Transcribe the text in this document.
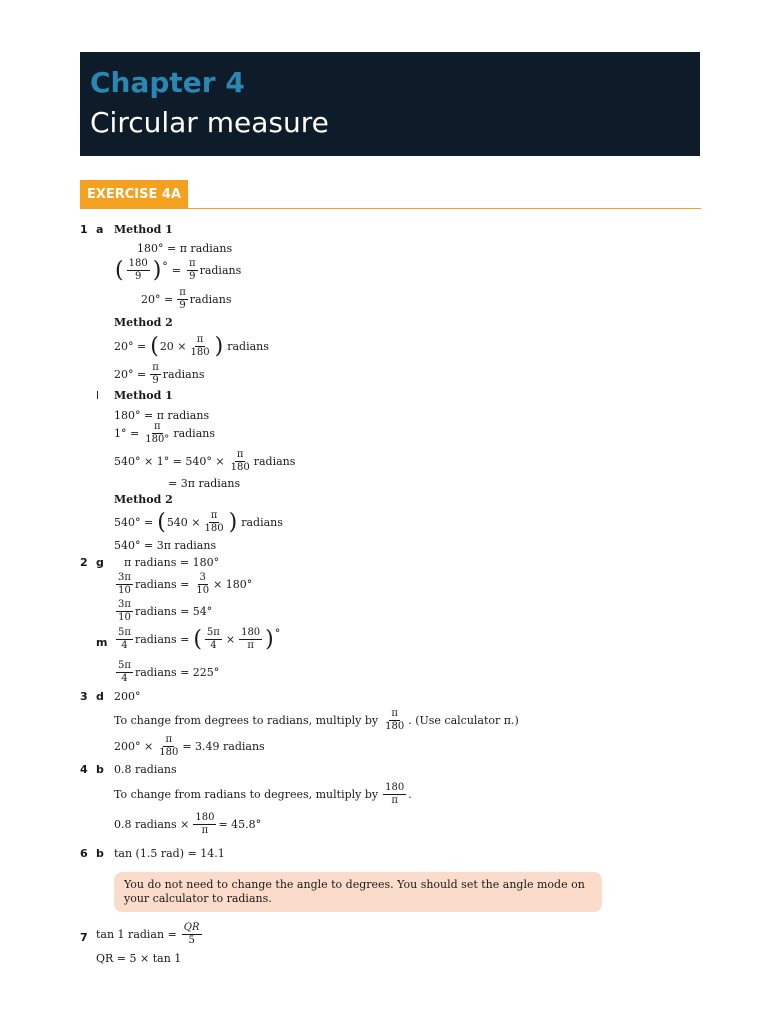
Chapter 4
Circular measure
EXERCISE 4A
1 a Method 1
180° = π radians
( $\frac{180}{9}$ ) ° = $\frac{\pi}{9}$ radians
$20^\circ = \frac{\pi}{9}$ radians
Method 2
20° = ( $20 \times \frac{\pi}{180}$ ) radians
$20^\circ = \frac{\pi}{9}$ radians
l Method 1
180° = π radians
$1^\circ = \frac{\pi}{180^\circ}$ radians
$540^\circ \times 1^\circ = 540^\circ \times \frac{\pi}{180}$ radians
= 3π radians
Method 2
540° = ( $540 \times \frac{\pi}{180}$ ) radians
540° = 3π radians
2 g π radians = 180°
$\frac{3\pi}{10}$ radians = $\frac{3}{10} \times 180^\circ$
$\frac{3\pi}{10}$ radians = 54°
m $\frac{5\pi}{4}$ radians = ( $\frac{5\pi}{4} \times \frac{180}{\pi}$ ) °
$\frac{5\pi}{4}$ radians = 225°
3 d 200°
To change from degrees to radians, multiply by $\frac{\pi}{180}$ . (Use calculator π.)
$200^\circ \times \frac{\pi}{180} = 3.49$ radians
4 b 0.8 radians
To change from radians to degrees, multiply by $\frac{180}{\pi}$ .
0.8 radians × $\frac{180}{\pi} = 45.8^\circ$
6 b tan (1.5 rad) = 14.1
You do not need to change the angle to degrees. You should set the angle mode on your calculator to radians.
7 tan 1 radian = $\frac{QR}{5}$
QR = 5 × tan 1
